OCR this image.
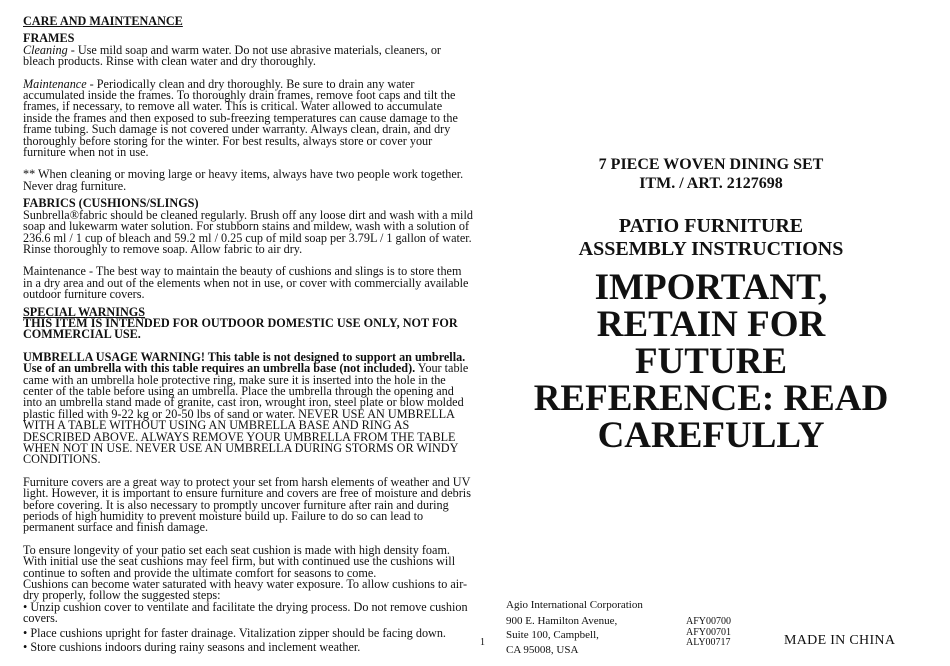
CARE AND MAINTENANCE

FRAMES

Cleaning - Use mild soap and warm water. Do not use abrasive materials, cleaners, or bleach products. Rinse with clean water and dry thoroughly.

Maintenance - Periodically clean and dry thoroughly. Be sure to drain any water accumulated inside the frames. To thoroughly drain frames, remove foot caps and tilt the frames, if necessary, to remove all water. This is critical. Water allowed to accumulate inside the frames and then exposed to sub-freezing temperatures can cause damage to the frame tubing. Such damage is not covered under warranty. Always clean, drain, and dry thoroughly before storing for the winter. For best results, always store or cover your furniture when not in use.

** When cleaning or moving large or heavy items, always have two people work together. Never drag furniture.

FABRICS (CUSHIONS/SLINGS)

Sunbrella®fabric should be cleaned regularly. Brush off any loose dirt and wash with a mild soap and lukewarm water solution. For stubborn stains and mildew, wash with a solution of 236.6 ml / 1 cup of bleach and 59.2 ml / 0.25 cup of mild soap per 3.79L / 1 gallon of water. Rinse thoroughly to remove soap. Allow fabric to air dry.

Maintenance - The best way to maintain the beauty of cushions and slings is to store them in a dry area and out of the elements when not in use, or cover with commercially available outdoor furniture covers.

SPECIAL WARNINGS

THIS ITEM IS INTENDED FOR OUTDOOR DOMESTIC USE ONLY, NOT FOR COMMERCIAL USE.

UMBRELLA USAGE WARNING! This table is not designed to support an umbrella. Use of an umbrella with this table requires an umbrella base (not included). Your table came with an umbrella hole protective ring, make sure it is inserted into the hole in the center of the table before using an umbrella. Place the umbrella through the opening and into an umbrella stand made of granite, cast iron, wrought iron, steel plate or blow molded plastic filled with 9-22 kg or 20-50 lbs of sand or water. NEVER USE AN UMBRELLA WITH A TABLE WITHOUT USING AN UMBRELLA BASE AND RING AS DESCRIBED ABOVE. ALWAYS REMOVE YOUR UMBRELLA FROM THE TABLE WHEN NOT IN USE. NEVER USE AN UMBRELLA DURING STORMS OR WINDY CONDITIONS.

Furniture covers are a great way to protect your set from harsh elements of weather and UV light. However, it is important to ensure furniture and covers are free of moisture and debris before covering. It is also necessary to promptly uncover furniture after rain and during periods of high humidity to prevent moisture build up. Failure to do so can lead to permanent surface and finish damage.

To ensure longevity of your patio set each seat cushion is made with high density foam. With initial use the seat cushions may feel firm, but with continued use the cushions will continue to soften and provide the ultimate comfort for seasons to come.

Cushions can become water saturated with heavy water exposure. To allow cushions to air-dry properly, follow the suggested steps:

• Unzip cushion cover to ventilate and facilitate the drying process. Do not remove cushion covers.

• Place cushions upright for faster drainage. Vitalization zipper should be facing down.

• Store cushions indoors during rainy seasons and inclement weather.

7 PIECE WOVEN DINING SET
ITM. / ART. 2127698
PATIO FURNITURE
ASSEMBLY INSTRUCTIONS
IMPORTANT,
RETAIN FOR FUTURE
REFERENCE: READ
CAREFULLY
1
Agio International Corporation
900 E. Hamilton Avenue,
Suite 100, Campbell,
CA 95008, USA
AFY00700
AFY00701
ALY00717	MADE IN CHINA
